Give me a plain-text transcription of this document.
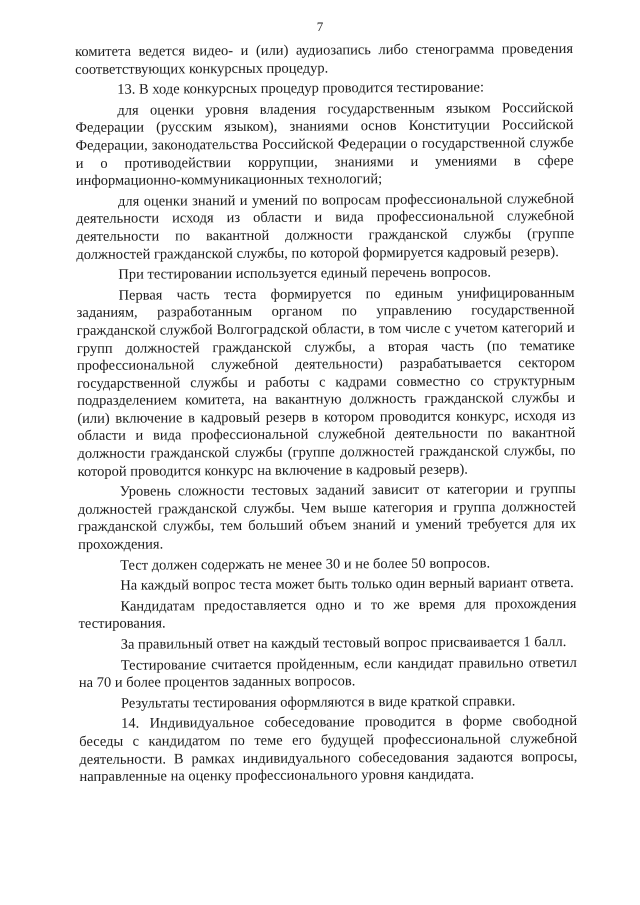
7

комитета ведется видео- и (или) аудиозапись либо стенограмма проведения соответствующих конкурсных процедур.

13. В ходе конкурсных процедур проводится тестирование:

для оценки уровня владения государственным языком Российской Федерации (русским языком), знаниями основ Конституции Российской Федерации, законодательства Российской Федерации о государственной службе и о противодействии коррупции, знаниями и умениями в сфере информационно-коммуникационных технологий;

для оценки знаний и умений по вопросам профессиональной служебной деятельности исходя из области и вида профессиональной служебной деятельности по вакантной должности гражданской службы (группе должностей гражданской службы, по которой формируется кадровый резерв).

При тестировании используется единый перечень вопросов.

Первая часть теста формируется по единым унифицированным заданиям, разработанным органом по управлению государственной гражданской службой Волгоградской области, в том числе с учетом категорий и групп должностей гражданской службы, а вторая часть (по тематике профессиональной служебной деятельности) разрабатывается сектором государственной службы и работы с кадрами совместно со структурным подразделением комитета, на вакантную должность гражданской службы и (или) включение в кадровый резерв в котором проводится конкурс, исходя из области и вида профессиональной служебной деятельности по вакантной должности гражданской службы (группе должностей гражданской службы, по которой проводится конкурс на включение в кадровый резерв).

Уровень сложности тестовых заданий зависит от категории и группы должностей гражданской службы. Чем выше категория и группа должностей гражданской службы, тем больший объем знаний и умений требуется для их прохождения.

Тест должен содержать не менее 30 и не более 50 вопросов.

На каждый вопрос теста может быть только один верный вариант ответа.

Кандидатам предоставляется одно и то же время для прохождения тестирования.

За правильный ответ на каждый тестовый вопрос присваивается 1 балл.

Тестирование считается пройденным, если кандидат правильно ответил на 70 и более процентов заданных вопросов.

Результаты тестирования оформляются в виде краткой справки.

14. Индивидуальное собеседование проводится в форме свободной беседы с кандидатом по теме его будущей профессиональной служебной деятельности. В рамках индивидуального собеседования задаются вопросы, направленные на оценку профессионального уровня кандидата.
